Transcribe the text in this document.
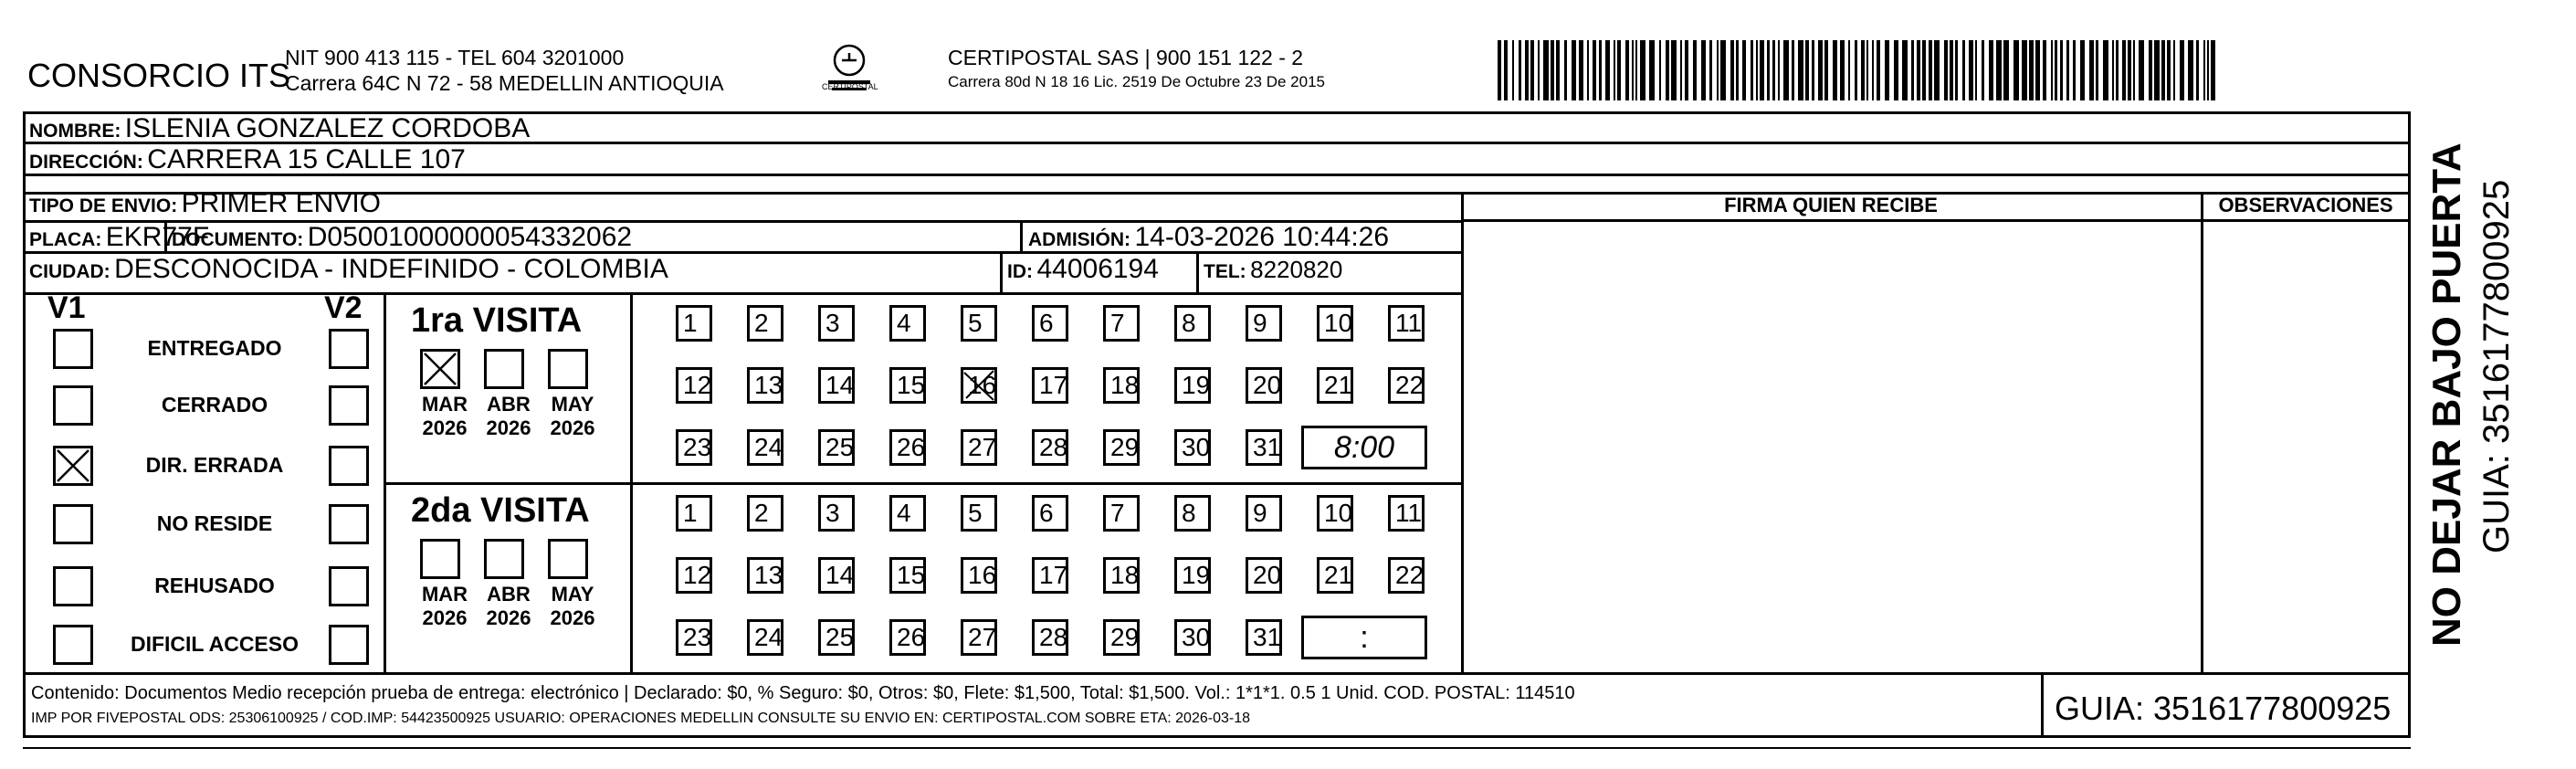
CONSORCIO ITS
NIT 900 413 115 - TEL 604 3201000
Carrera 64C N 72 - 58 MEDELLIN ANTIOQUIA	CERTIPOSTAL
CERTIPOSTAL SAS | 900 151 122 - 2
Carrera 80d N 18 16 Lic. 2519 De Octubre 23 De 2015
NOMBRE: ISLENIA GONZALEZ CORDOBA
DIRECCIÓN: CARRERA 15 CALLE 107
TIPO DE ENVIO: PRIMER ENVIO
PLACA: EKR77F
DOCUMENTO: D05001000000054332062	ADMISIÓN: 14-03-2026 10:44:26
CIUDAD: DESCONOCIDA - INDEFINIDO - COLOMBIA	ID: 44006194 TEL: 8220820
FIRMA QUIEN RECIBE	OBSERVACIONES
V1	V2
ENTREGADO
CERRADO
DIR. ERRADA
NO RESIDE
REHUSADO
DIFICIL ACCESO
1ra VISITA
MAR
2026
ABR
2026
MAY
2026
1	2	3	4	5	6	7	8	9	10 11
12 13 14 15 16 17 18 19 20 21 22
23 24 25 26 27 28 29 30 31	8:00
2da VISITA
MAR
2026
ABR
2026
MAY
2026
1	2	3	4	5	6	7	8	9	10 11
12 13 14 15 16 17 18 19 20 21 22
23 24 25 26 27 28 29 30 31	:
Contenido: Documentos Medio recepción prueba de entrega: electrónico | Declarado: $0, % Seguro: $0, Otros: $0, Flete: $1,500, Total: $1,500. Vol.: 1*1*1. 0.5 1 Unid. COD. POSTAL: 114510
IMP POR FIVEPOSTAL ODS: 25306100925 / COD.IMP: 54423500925 USUARIO: OPERACIONES MEDELLIN CONSULTE SU ENVIO EN: CERTIPOSTAL.COM SOBRE ETA: 2026-03-18	GUIA: 3516177800925
NO DEJAR BAJO PUERTA GUIA: 3516177800925
